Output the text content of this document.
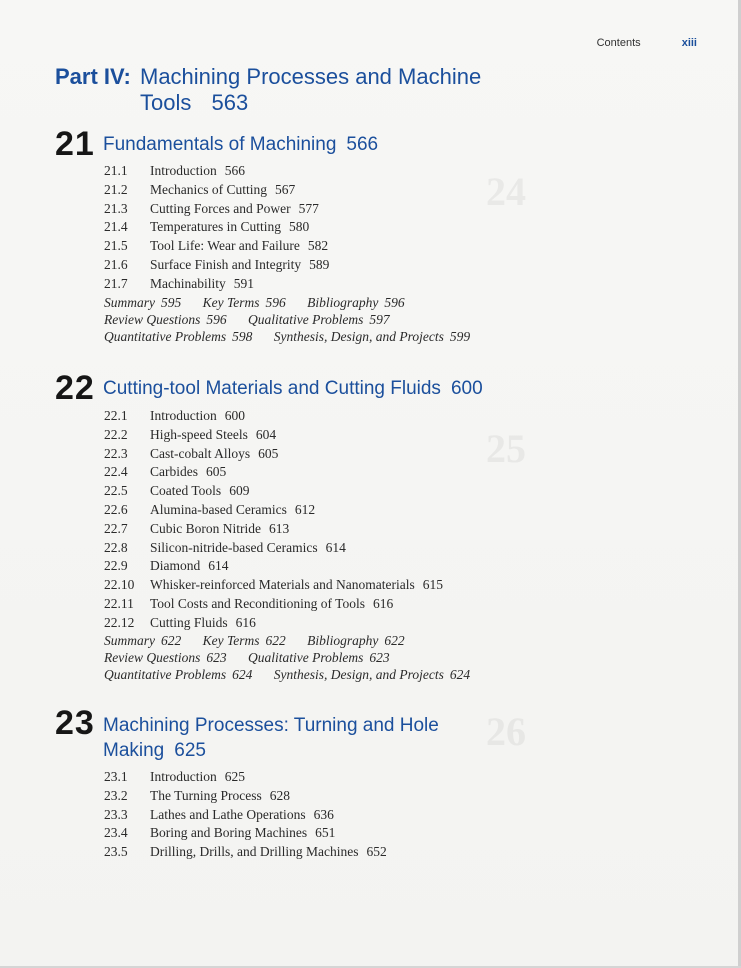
24
25
26
Contents	xiii
Part IV: Machining Processes and Machine
Tools 563
21 Fundamentals of Machining 566
21.1 Introduction 566
21.2 Mechanics of Cutting 567
21.3 Cutting Forces and Power 577
21.4 Temperatures in Cutting 580
21.5 Tool Life: Wear and Failure 582
21.6 Surface Finish and Integrity 589
21.7 Machinability 591
Summary 595 Key Terms 596 Bibliography 596
Review Questions 596 Qualitative Problems 597
Quantitative Problems 598 Synthesis, Design, and Projects 599
22 Cutting-tool Materials and Cutting Fluids 600
22.1 Introduction 600
22.2 High-speed Steels 604
22.3 Cast-cobalt Alloys 605
22.4 Carbides 605
22.5 Coated Tools 609
22.6 Alumina-based Ceramics 612
22.7 Cubic Boron Nitride 613
22.8 Silicon-nitride-based Ceramics 614
22.9 Diamond 614
22.10 Whisker-reinforced Materials and Nanomaterials 615
22.11 Tool Costs and Reconditioning of Tools 616
22.12 Cutting Fluids 616
Summary 622 Key Terms 622 Bibliography 622
Review Questions 623 Qualitative Problems 623
Quantitative Problems 624 Synthesis, Design, and Projects 624
23 Machining Processes: Turning and Hole
Making 625
23.1 Introduction 625
23.2 The Turning Process 628
23.3 Lathes and Lathe Operations 636
23.4 Boring and Boring Machines 651
23.5 Drilling, Drills, and Drilling Machines 652
